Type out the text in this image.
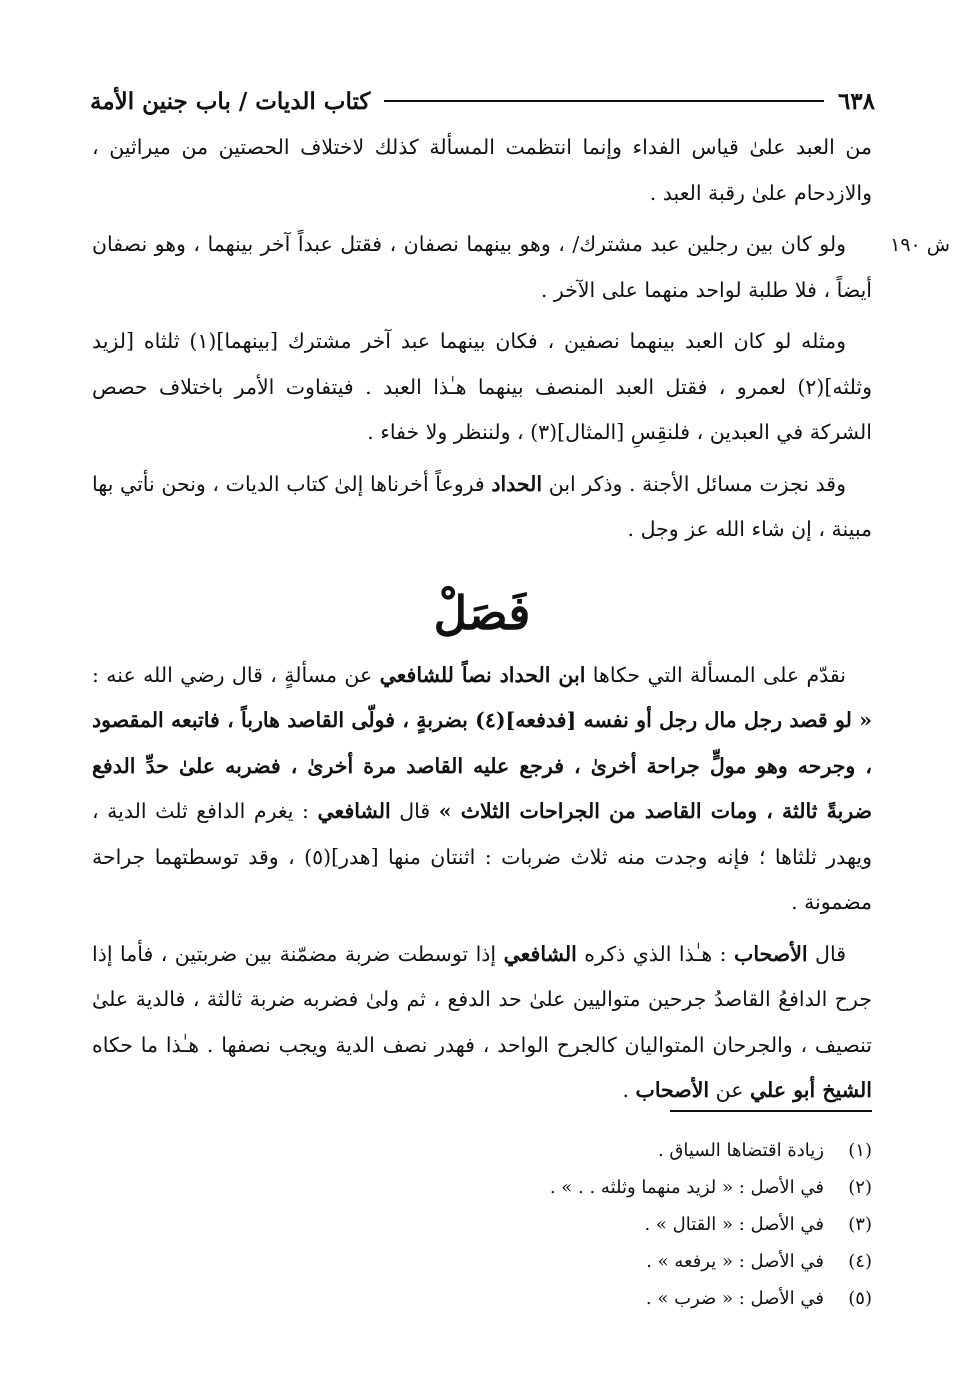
٦٣٨
كتاب الديات / باب جنين الأمة
ش ١٩٠

من العبد علىٰ قياس الفداء وإنما انتظمت المسألة كذلك لاختلاف الحصتين من ميراثين ، والازدحام علىٰ رقبة العبد .

ولو كان بين رجلين عبد مشترك/ ، وهو بينهما نصفان ، فقتل عبداً آخر بينهما ، وهو نصفان أيضاً ، فلا طلبة لواحد منهما على الآخر .

ومثله لو كان العبد بينهما نصفين ، فكان بينهما عبد آخر مشترك [بينهما](١) ثلثاه [لزيد وثلثه](٢) لعمرو ، فقتل العبد المنصف بينهما هـٰذا العبد . فيتفاوت الأمر باختلاف حصص الشركة في العبدين ، فلنقِسِ [المثال](٣) ، ولننظر ولا خفاء .

وقد نجزت مسائل الأجنة . وذكر ابن الحداد فروعاً أخرناها إلىٰ كتاب الديات ، ونحن نأتي بها مبينة ، إن شاء الله عز وجل .

فَصَلْ

نقدّم على المسألة التي حكاها ابن الحداد نصاً للشافعي عن مسألةٍ ، قال رضي الله عنه : « لو قصد رجل مال رجل أو نفسه [فدفعه](٤) بضربةٍ ، فولّى القاصد هارباً ، فاتبعه المقصود ، وجرحه وهو مولٍّ جراحة أخرىٰ ، فرجع عليه القاصد مرة أخرىٰ ، فضربه علىٰ حدِّ الدفع ضربةً ثالثة ، ومات القاصد من الجراحات الثلاث » قال الشافعي : يغرم الدافع ثلث الدية ، ويهدر ثلثاها ؛ فإنه وجدت منه ثلاث ضربات : اثنتان منها [هدر](٥) ، وقد توسطتهما جراحة مضمونة .

قال الأصحاب : هـٰذا الذي ذكره الشافعي إذا توسطت ضربة مضمّنة بين ضربتين ، فأما إذا جرح الدافعُ القاصدُ جرحين متواليين علىٰ حد الدفع ، ثم ولىٰ فضربه ضربة ثالثة ، فالدية علىٰ تنصيف ، والجرحان المتواليان كالجرح الواحد ، فهدر نصف الدية ويجب نصفها . هـٰذا ما حكاه الشيخ أبو علي عن الأصحاب .

(١)
زيادة اقتضاها السياق .
(٢)
في الأصل : « لزيد منهما وثلثه . . » .
(٣)
في الأصل : « القتال » .
(٤)
في الأصل : « يرفعه » .
(٥)
في الأصل : « ضرب » .
